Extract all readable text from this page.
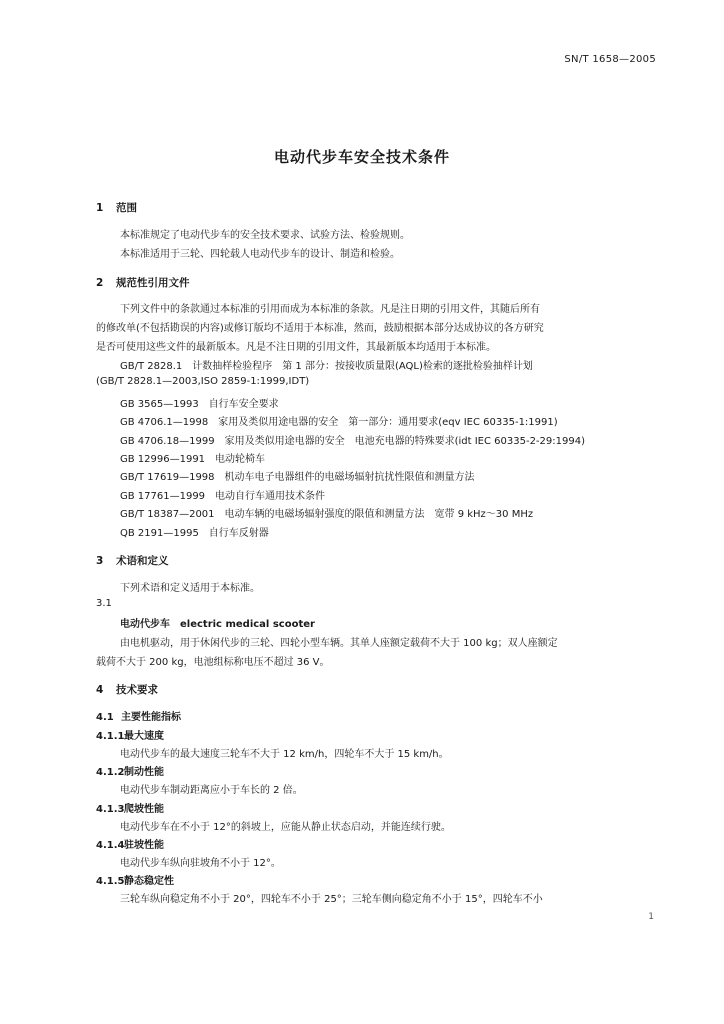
SN/T 1658—2005
电动代步车安全技术条件
1 范围
本标准规定了电动代步车的安全技术要求、试验方法、检验规则。
本标准适用于三轮、四轮载人电动代步车的设计、制造和检验。
2 规范性引用文件
下列文件中的条款通过本标准的引用而成为本标准的条款。凡是注日期的引用文件，其随后所有
的修改单(不包括勘误的内容)或修订版均不适用于本标准，然而，鼓励根据本部分达成协议的各方研究
是否可使用这些文件的最新版本。凡是不注日期的引用文件，其最新版本均适用于本标准。
GB/T 2828.1　计数抽样检验程序　第 1 部分：按接收质量限(AQL)检索的逐批检验抽样计划
(GB/T 2828.1—2003,ISO 2859-1:1999,IDT)
GB 3565—1993　自行车安全要求
GB 4706.1—1998　家用及类似用途电器的安全　第一部分：通用要求(eqv IEC 60335-1:1991)
GB 4706.18—1999　家用及类似用途电器的安全　电池充电器的特殊要求(idt IEC 60335-2-29:1994)
GB 12996—1991　电动轮椅车
GB/T 17619—1998　机动车电子电器组件的电磁场辐射抗扰性限值和测量方法
GB 17761—1999　电动自行车通用技术条件
GB/T 18387—2001　电动车辆的电磁场辐射强度的限值和测量方法　宽带 9 kHz～30 MHz
QB 2191—1995　自行车反射器
3 术语和定义
下列术语和定义适用于本标准。
3.1
电动代步车 electric medical scooter
由电机驱动，用于休闲代步的三轮、四轮小型车辆。其单人座额定载荷不大于 100 kg；双人座额定
载荷不大于 200 kg，电池组标称电压不超过 36 V。
4 技术要求
4.1 主要性能指标
4.1.1最大速度
电动代步车的最大速度三轮车不大于 12 km/h，四轮车不大于 15 km/h。
4.1.2制动性能
电动代步车制动距离应小于车长的 2 倍。
4.1.3爬坡性能
电动代步车在不小于 12°的斜坡上，应能从静止状态启动，并能连续行驶。
4.1.4驻坡性能
电动代步车纵向驻坡角不小于 12°。
4.1.5静态稳定性
三轮车纵向稳定角不小于 20°，四轮车不小于 25°；三轮车侧向稳定角不小于 15°，四轮车不小
1
